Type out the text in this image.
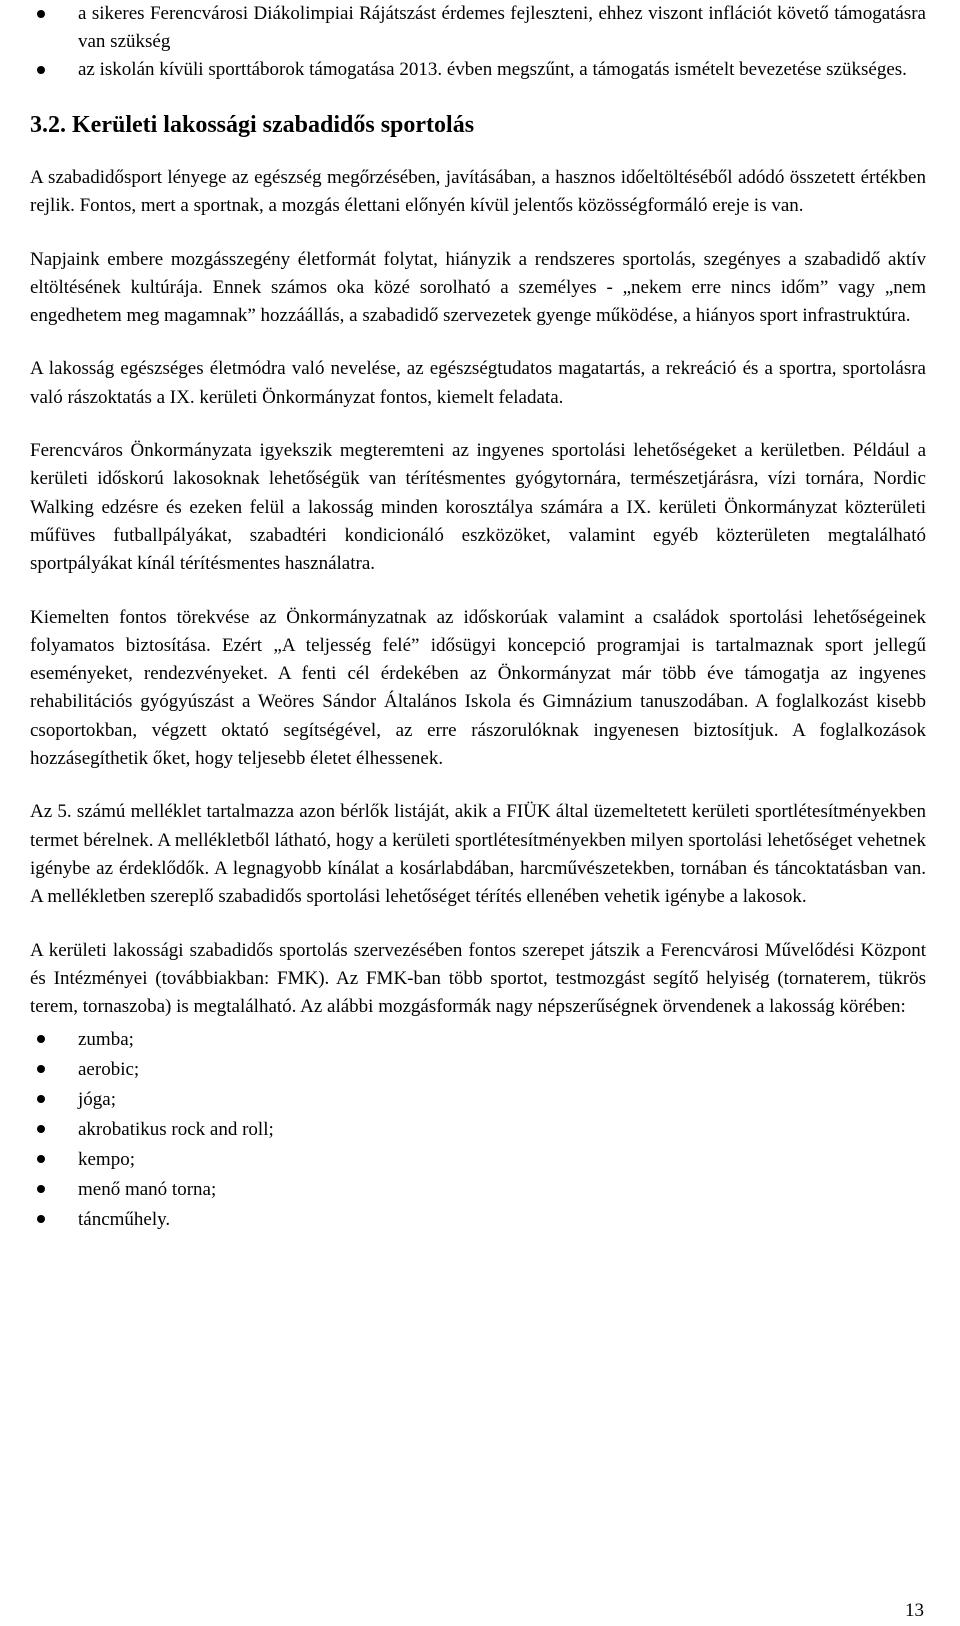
a sikeres Ferencvárosi Diákolimpiai Rájátszást érdemes fejleszteni, ehhez viszont inflációt követő támogatásra van szükség
az iskolán kívüli sporttáborok támogatása 2013. évben megszűnt, a támogatás ismételt bevezetése szükséges.
3.2. Kerületi lakossági szabadidős sportolás

A szabadidősport lényege az egészség megőrzésében, javításában, a hasznos időeltöltéséből adódó összetett értékben rejlik. Fontos, mert a sportnak, a mozgás élettani előnyén kívül jelentős közösségformáló ereje is van.

Napjaink embere mozgásszegény életformát folytat, hiányzik a rendszeres sportolás, szegényes a szabadidő aktív eltöltésének kultúrája. Ennek számos oka közé sorolható a személyes - „nekem erre nincs időm” vagy „nem engedhetem meg magamnak” hozzáállás, a szabadidő szervezetek gyenge működése, a hiányos sport infrastruktúra.

A lakosság egészséges életmódra való nevelése, az egészségtudatos magatartás, a rekreáció és a sportra, sportolásra való rászoktatás a IX. kerületi Önkormányzat fontos, kiemelt feladata.

Ferencváros Önkormányzata igyekszik megteremteni az ingyenes sportolási lehetőségeket a kerületben. Például a kerületi időskorú lakosoknak lehetőségük van térítésmentes gyógytornára, természetjárásra, vízi tornára, Nordic Walking edzésre és ezeken felül a lakosság minden korosztálya számára a IX. kerületi Önkormányzat közterületi műfüves futballpályákat, szabadtéri kondicionáló eszközöket, valamint egyéb közterületen megtalálható sportpályákat kínál térítésmentes használatra.

Kiemelten fontos törekvése az Önkormányzatnak az időskorúak valamint a családok sportolási lehetőségeinek folyamatos biztosítása. Ezért „A teljesség felé” idősügyi koncepció programjai is tartalmaznak sport jellegű eseményeket, rendezvényeket. A fenti cél érdekében az Önkormányzat már több éve támogatja az ingyenes rehabilitációs gyógyúszást a Weöres Sándor Általános Iskola és Gimnázium tanuszodában. A foglalkozást kisebb csoportokban, végzett oktató segítségével, az erre rászorulóknak ingyenesen biztosítjuk. A foglalkozások hozzásegíthetik őket, hogy teljesebb életet élhessenek.

Az 5. számú melléklet tartalmazza azon bérlők listáját, akik a FIÜK által üzemeltetett kerületi sportlétesítményekben termet bérelnek. A mellékletből látható, hogy a kerületi sportlétesítményekben milyen sportolási lehetőséget vehetnek igénybe az érdeklődők. A legnagyobb kínálat a kosárlabdában, harcművészetekben, tornában és táncoktatásban van. A mellékletben szereplő szabadidős sportolási lehetőséget térítés ellenében vehetik igénybe a lakosok.

A kerületi lakossági szabadidős sportolás szervezésében fontos szerepet játszik a Ferencvárosi Művelődési Központ és Intézményei (továbbiakban: FMK). Az FMK-ban több sportot, testmozgást segítő helyiség (tornaterem, tükrös terem, tornaszoba) is megtalálható. Az alábbi mozgásformák nagy népszerűségnek örvendenek a lakosság körében:

zumba;
aerobic;
jóga;
akrobatikus rock and roll;
kempo;
menő manó torna;
táncműhely.
13
